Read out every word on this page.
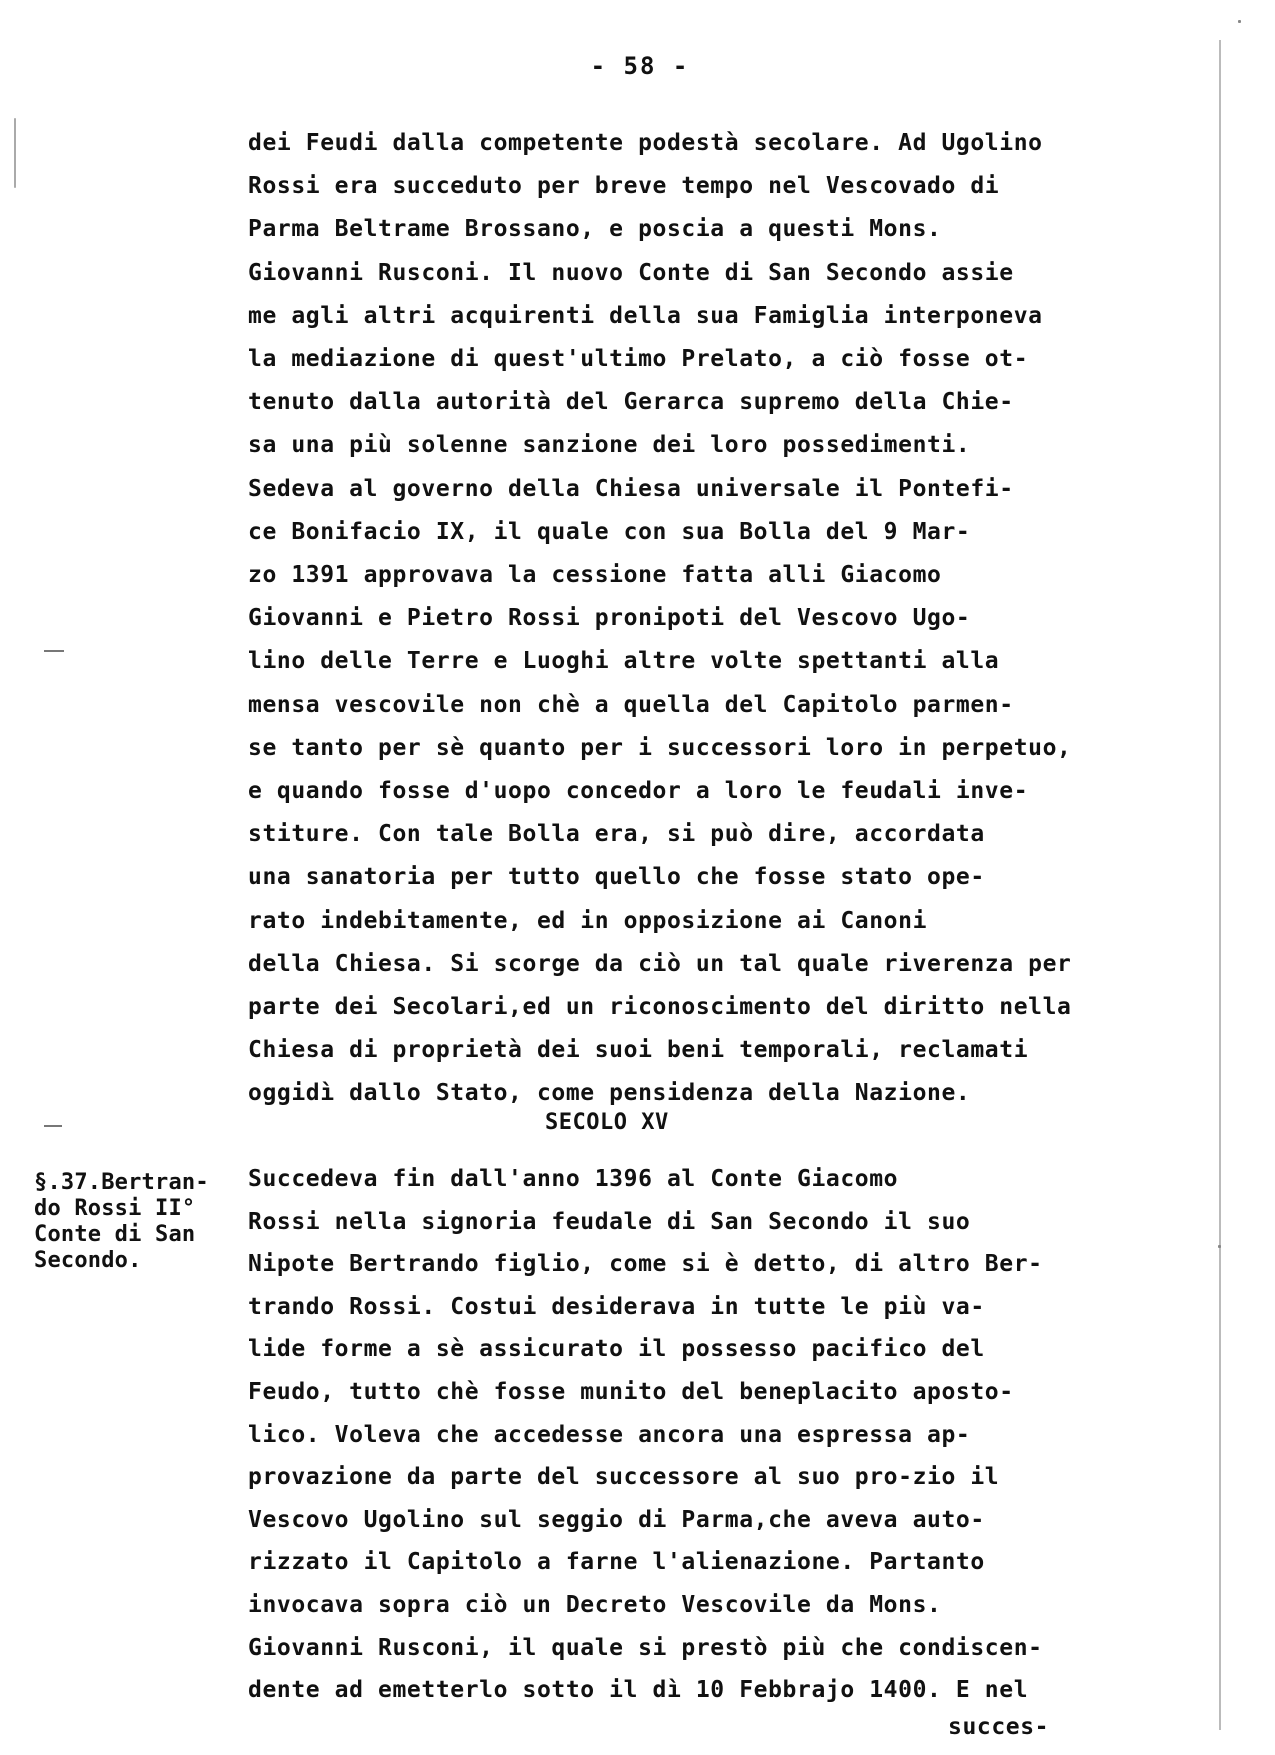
- 58 -
dei Feudi dalla competente podestà secolare. Ad Ugolino
Rossi era succeduto per breve tempo nel Vescovado di
Parma Beltrame Brossano, e poscia a questi Mons.
Giovanni Rusconi. Il nuovo Conte di San Secondo assie
me agli altri acquirenti della sua Famiglia interponeva
la mediazione di quest'ultimo Prelato, a ciò fosse ot-
tenuto dalla autorità del Gerarca supremo della Chie-
sa una più solenne sanzione dei loro possedimenti.
Sedeva al governo della Chiesa universale il Pontefi-
ce Bonifacio IX, il quale con sua Bolla del 9 Mar-
zo 1391 approvava la cessione fatta alli Giacomo
Giovanni e Pietro Rossi pronipoti del Vescovo Ugo-
lino delle Terre e Luoghi altre volte spettanti alla
mensa vescovile non chè a quella del Capitolo parmen-
se tanto per sè quanto per i successori loro in perpetuo,
e quando fosse d'uopo concedor a loro le feudali inve-
stiture. Con tale Bolla era, si può dire, accordata
una sanatoria per tutto quello che fosse stato ope-
rato indebitamente, ed in opposizione ai Canoni
della Chiesa. Si scorge da ciò un tal quale riverenza per
parte dei Secolari,ed un riconoscimento del diritto nella
Chiesa di proprietà dei suoi beni temporali, reclamati
oggidì dallo Stato, come pensidenza della Nazione.
SECOLO XV
§.37.Bertran-
do Rossi II°
Conte di San
Secondo.
Succedeva fin dall'anno 1396 al Conte Giacomo
Rossi nella signoria feudale di San Secondo il suo
Nipote Bertrando figlio, come si è detto, di altro Ber-
trando Rossi. Costui desiderava in tutte le più va-
lide forme a sè assicurato il possesso pacifico del
Feudo, tutto chè fosse munito del beneplacito aposto-
lico. Voleva che accedesse ancora una espressa ap-
provazione da parte del successore al suo pro-zio il
Vescovo Ugolino sul seggio di Parma,che aveva auto-
rizzato il Capitolo a farne l'alienazione. Partanto
invocava sopra ciò un Decreto Vescovile da Mons.
Giovanni Rusconi, il quale si prestò più che condiscen-
dente ad emetterlo sotto il dì 10 Febbrajo 1400. E nel
succes-
